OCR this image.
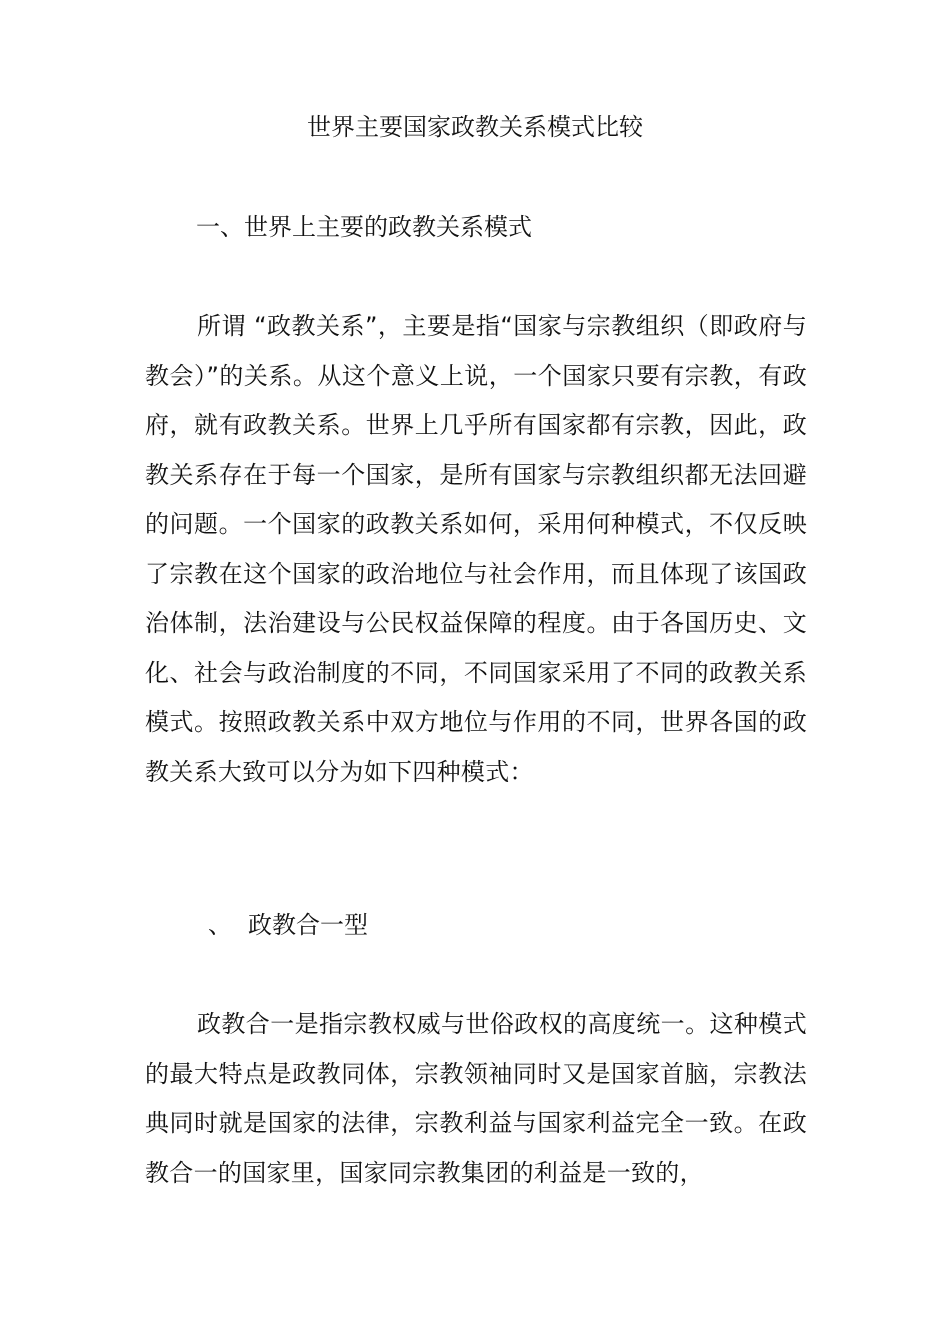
世界主要国家政教关系模式比较
一、世界上主要的政教关系模式

所谓 “政教关系”，主要是指“国家与宗教组织（即政府与教会）”的关系。从这个意义上说，一个国家只要有宗教，有政府，就有政教关系。世界上几乎所有国家都有宗教，因此，政教关系存在于每一个国家，是所有国家与宗教组织都无法回避的问题。一个国家的政教关系如何，采用何种模式，不仅反映了宗教在这个国家的政治地位与社会作用，而且体现了该国政治体制，法治建设与公民权益保障的程度。由于各国历史、文化、社会与政治制度的不同，不同国家采用了不同的政教关系模式。按照政教关系中双方地位与作用的不同，世界各国的政教关系大致可以分为如下四种模式：

、 政教合一型

政教合一是指宗教权威与世俗政权的高度统一。这种模式的最大特点是政教同体，宗教领袖同时又是国家首脑，宗教法典同时就是国家的法律，宗教利益与国家利益完全一致。在政教合一的国家里，国家同宗教集团的利益是一致的，
